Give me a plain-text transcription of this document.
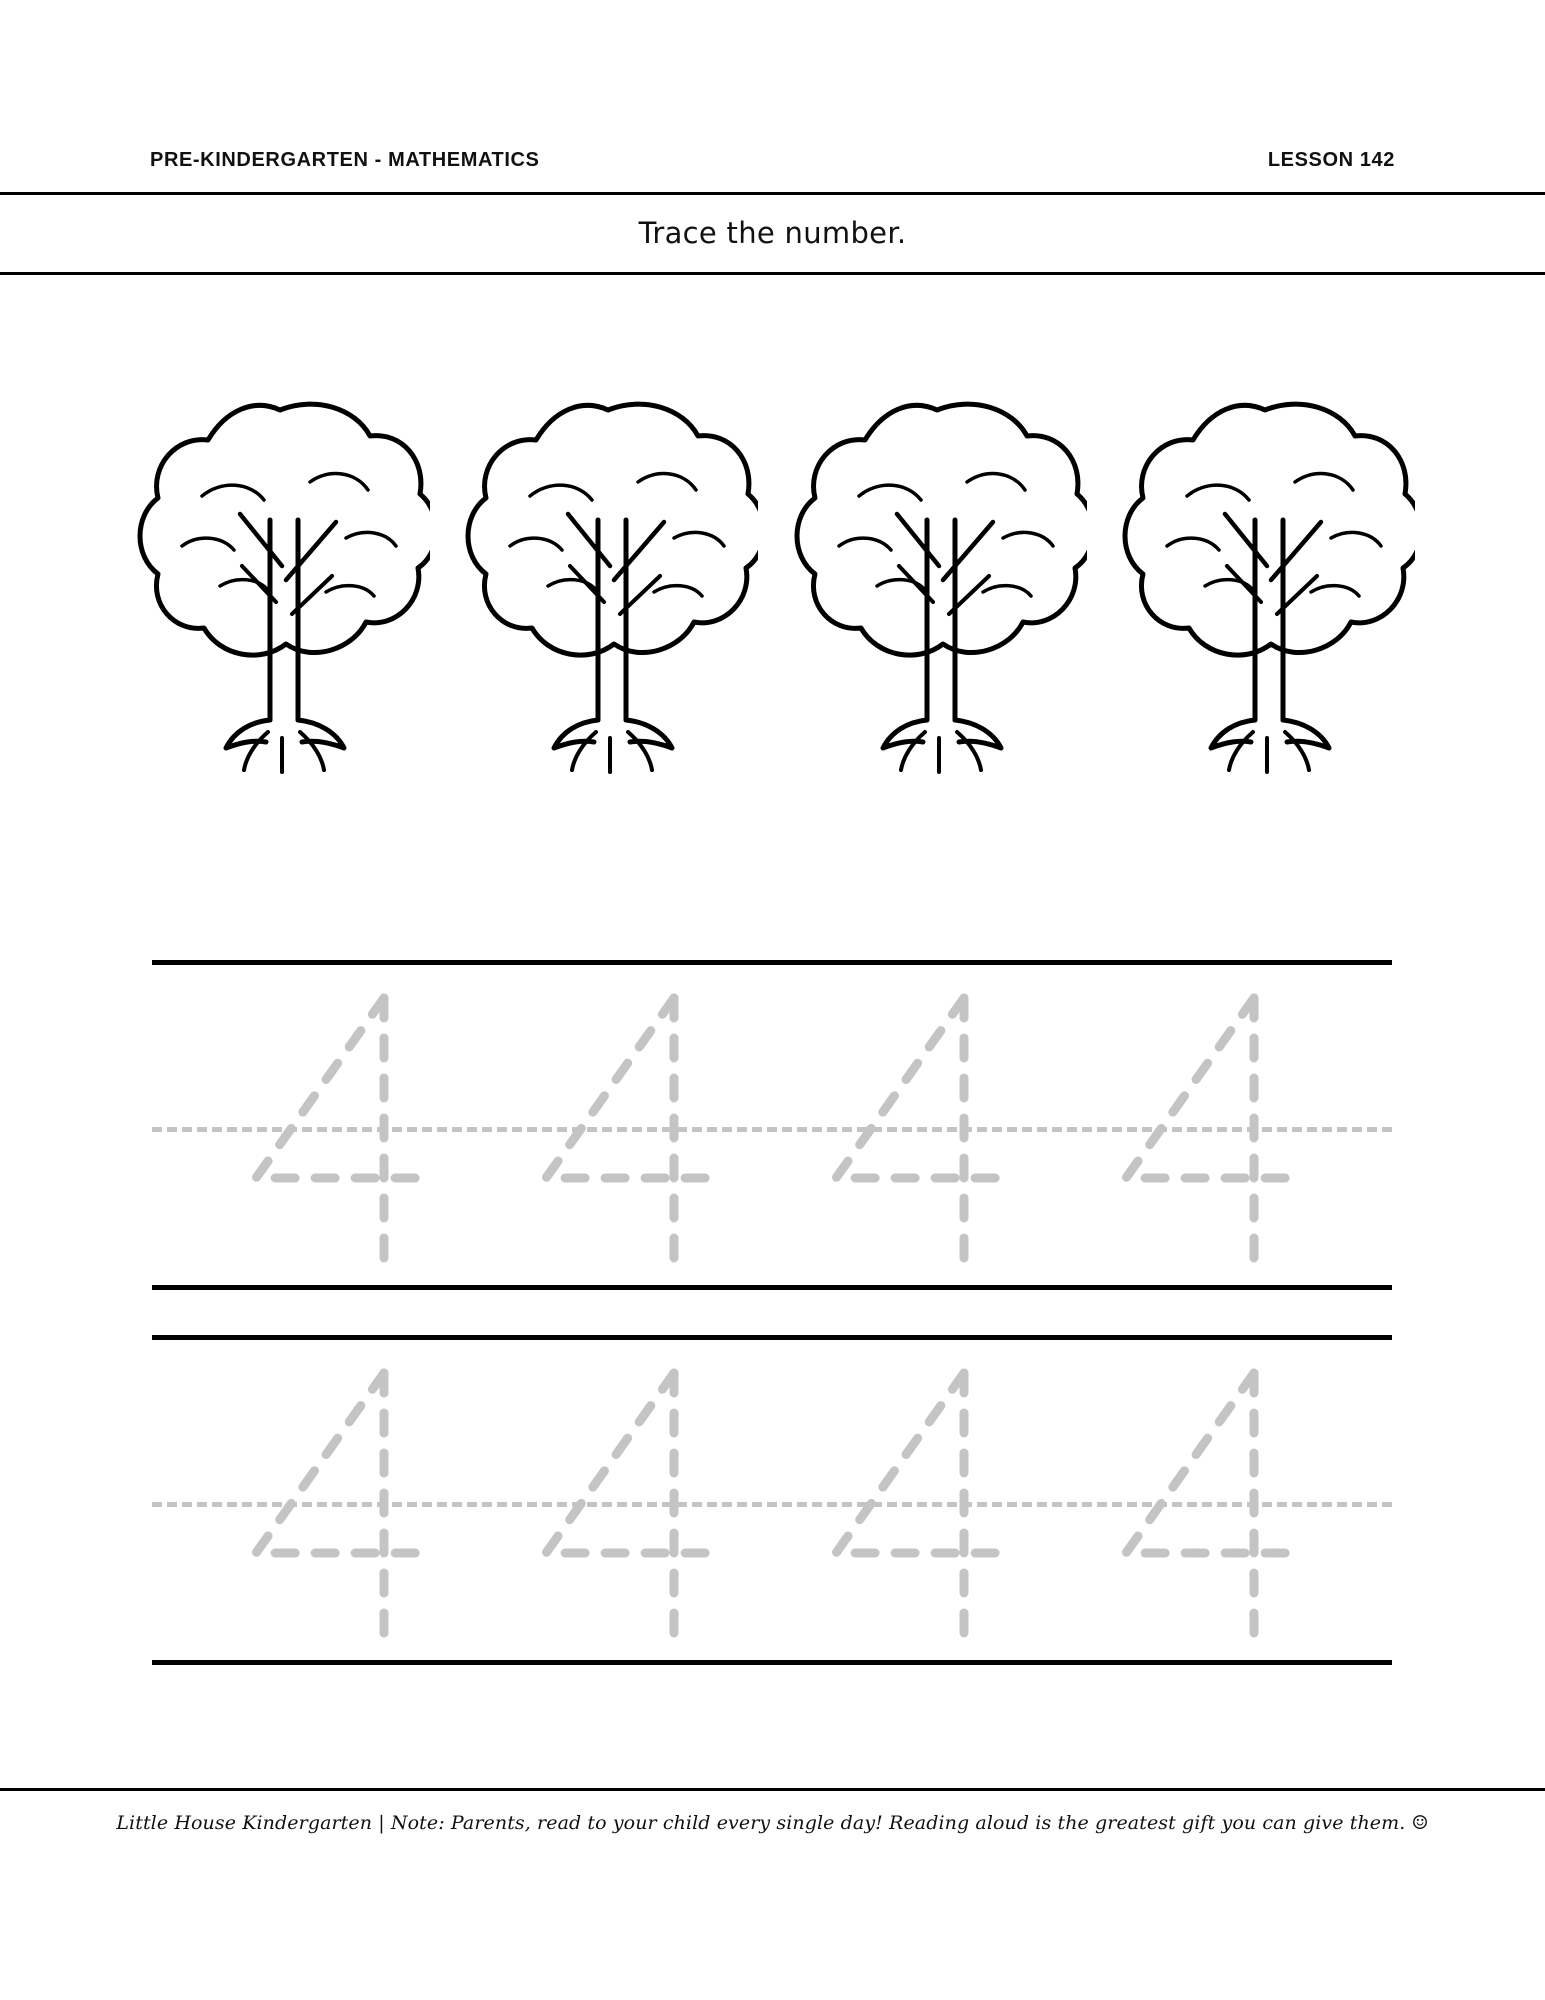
PRE-KINDERGARTEN - MATHEMATICS	LESSON 142
Trace the number.
Little House Kindergarten | Note: Parents, read to your child every single day! Reading aloud is the greatest gift you can give them. ☺
